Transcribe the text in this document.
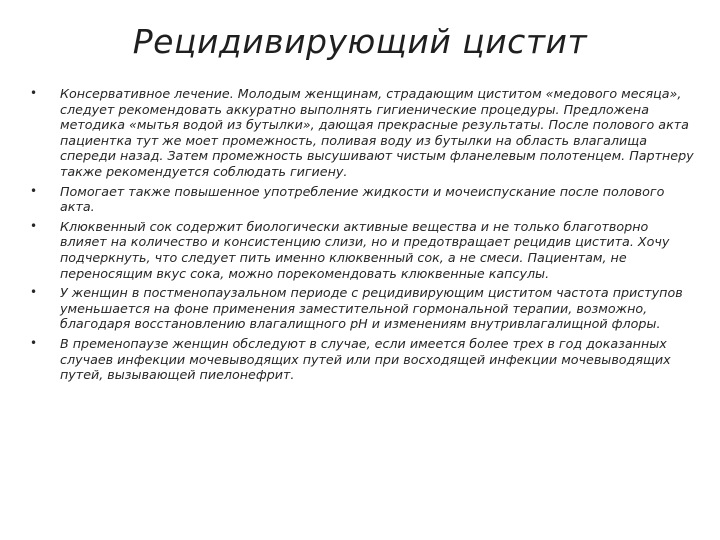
Рецидивирующий цистит
• Консервативное лечение. Молодым женщинам, страдающим циститом «медового месяца», следует рекомендовать аккуратно выполнять гигиенические процедуры. Предложена методика «мытья водой из бутылки», дающая прекрасные результаты. После полового акта пациентка тут же моет промежность, поливая воду из бутылки на область влагалища спереди назад. Затем промежность высушивают чистым фланелевым полотенцем. Партнеру также рекомендуется соблюдать гигиену.
• Помогает также повышенное употребление жидкости и мочеиспускание после полового акта.
• Клюквенный сок содержит биологически активные вещества и не только благотворно влияет на количество и консистенцию слизи, но и предотвращает рецидив цистита. Хочу подчеркнуть, что следует пить именно клюквенный сок, а не смеси. Пациентам, не переносящим вкус сока, можно порекомендовать клюквенные капсулы.
• У женщин в постменопаузальном периоде с рецидивирующим циститом частота приступов уменьшается на фоне применения заместительной гормональной терапии, возможно, благодаря восстановлению влагалищного рН и изменениям внутривлагалищной флоры.
• В пременопаузе женщин обследуют в случае, если имеется более трех в год доказанных случаев инфекции мочевыводящих путей или при восходящей инфекции мочевыводящих путей, вызывающей пиелонефрит.
